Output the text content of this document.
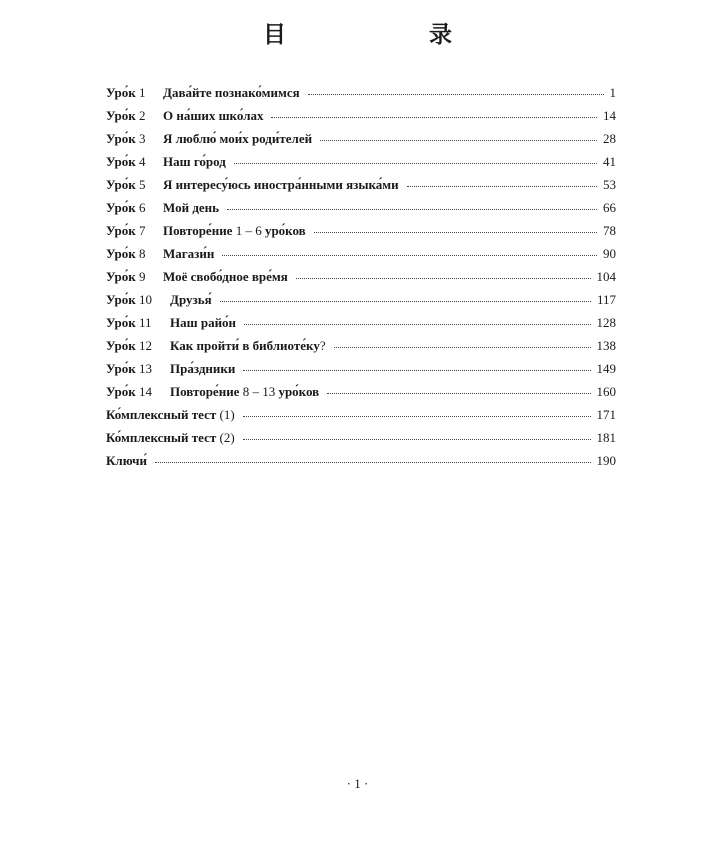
目　录
Уро́к 1	Дава́йте познако́мимся	1
Уро́к 2	О на́ших шко́лах	14
Уро́к 3	Я люблю́ мои́х роди́телей	28
Уро́к 4	Наш го́род	41
Уро́к 5	Я интересу́юсь иностра́нными языка́ми	53
Уро́к 6	Мой день	66
Уро́к 7	Повторе́ние 1 – 6 уро́ков	78
Уро́к 8	Магази́н	90
Уро́к 9	Моё свобо́дное вре́мя	104
Уро́к 10	Друзья́	117
Уро́к 11	Наш райо́н	128
Уро́к 12	Как пройти́ в библиоте́ку?	138
Уро́к 13	Пра́здники	149
Уро́к 14	Повторе́ние 8 – 13 уро́ков	160
Ко́мплексный тест (1)	171
Ко́мплексный тест (2)	181
Ключи́	190
· 1 ·
